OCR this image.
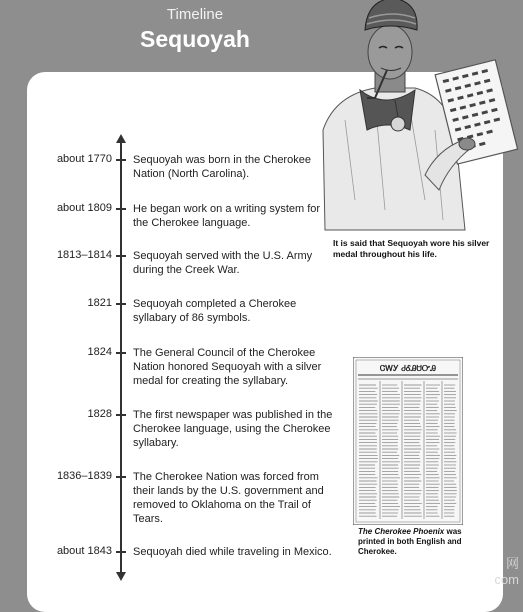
Timeline
Sequoyah
It is said that Sequoyah wore his silver medal throughout his life.
ᏣᎳᎩ ᏧᎴᎯᏌᏅᎯ
The Cherokee Phoenix was printed in both English and Cherokee.
about 1770 Sequoyah was born in the Cherokee Nation (North Carolina).
about 1809 He began work on a writing system for the Cherokee language.
1813–1814 Sequoyah served with the U.S. Army during the Creek War.
1821 Sequoyah completed a Cherokee syllabary of 86 symbols.
1824 The General Council of the Cherokee Nation honored Sequoyah with a silver medal for creating the syllabary.
1828 The first newspaper was published in the Cherokee language, using the Cherokee syllabary.
1836–1839 The Cherokee Nation was forced from their lands by the U.S. government and removed to Oklahoma on the Trail of Tears.
about 1843 Sequoyah died while traveling in Mexico.
网
com
